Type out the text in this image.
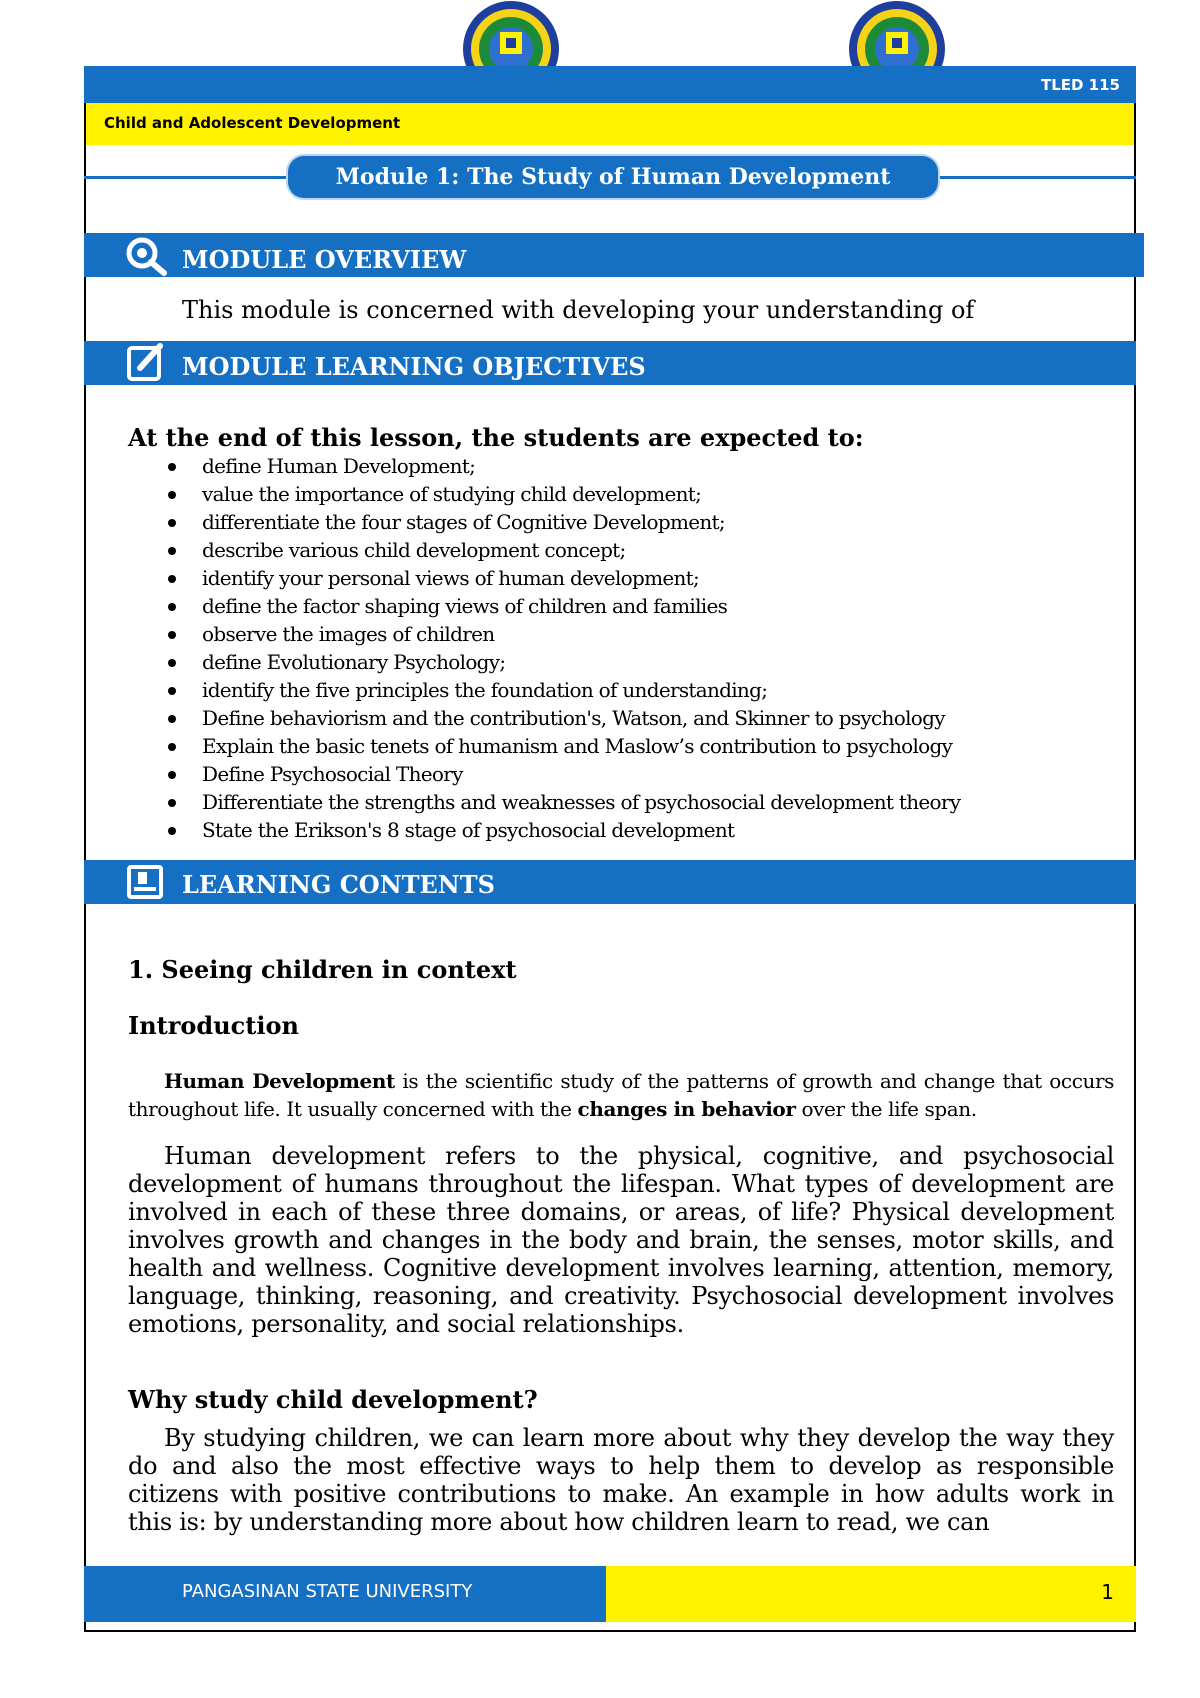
TLED 115
Child and Adolescent Development
Module 1: The Study of Human Development
MODULE OVERVIEW
This module is concerned with developing your understanding of
MODULE LEARNING OBJECTIVES
At the end of this lesson, the students are expected to:
define Human Development;
value the importance of studying child development;
differentiate the four stages of Cognitive Development;
describe various child development concept;
identify your personal views of human development;
define the factor shaping views of children and families
observe the images of children
define Evolutionary Psychology;
identify the five principles the foundation of understanding;
Define behaviorism and the contribution's, Watson, and Skinner to psychology
Explain the basic tenets of humanism and Maslow’s contribution to psychology
Define Psychosocial Theory
Differentiate the strengths and weaknesses of psychosocial development theory
State the Erikson's 8 stage of psychosocial development
LEARNING CONTENTS
1. Seeing children in context
Introduction
Human Development is the scientific study of the patterns of growth and change that occurs throughout life. It usually concerned with the changes in behavior over the life span.
Human development refers to the physical, cognitive, and psychosocial development of humans throughout the lifespan. What types of development are involved in each of these three domains, or areas, of life? Physical development involves growth and changes in the body and brain, the senses, motor skills, and health and wellness. Cognitive development involves learning, attention, memory, language, thinking, reasoning, and creativity. Psychosocial development involves emotions, personality, and social relationships.
Why study child development?
By studying children, we can learn more about why they develop the way they do and also the most effective ways to help them to develop as responsible citizens with positive contributions to make. An example in how adults work in this is: by understanding more about how children learn to read, we can
PANGASINAN STATE UNIVERSITY	1
